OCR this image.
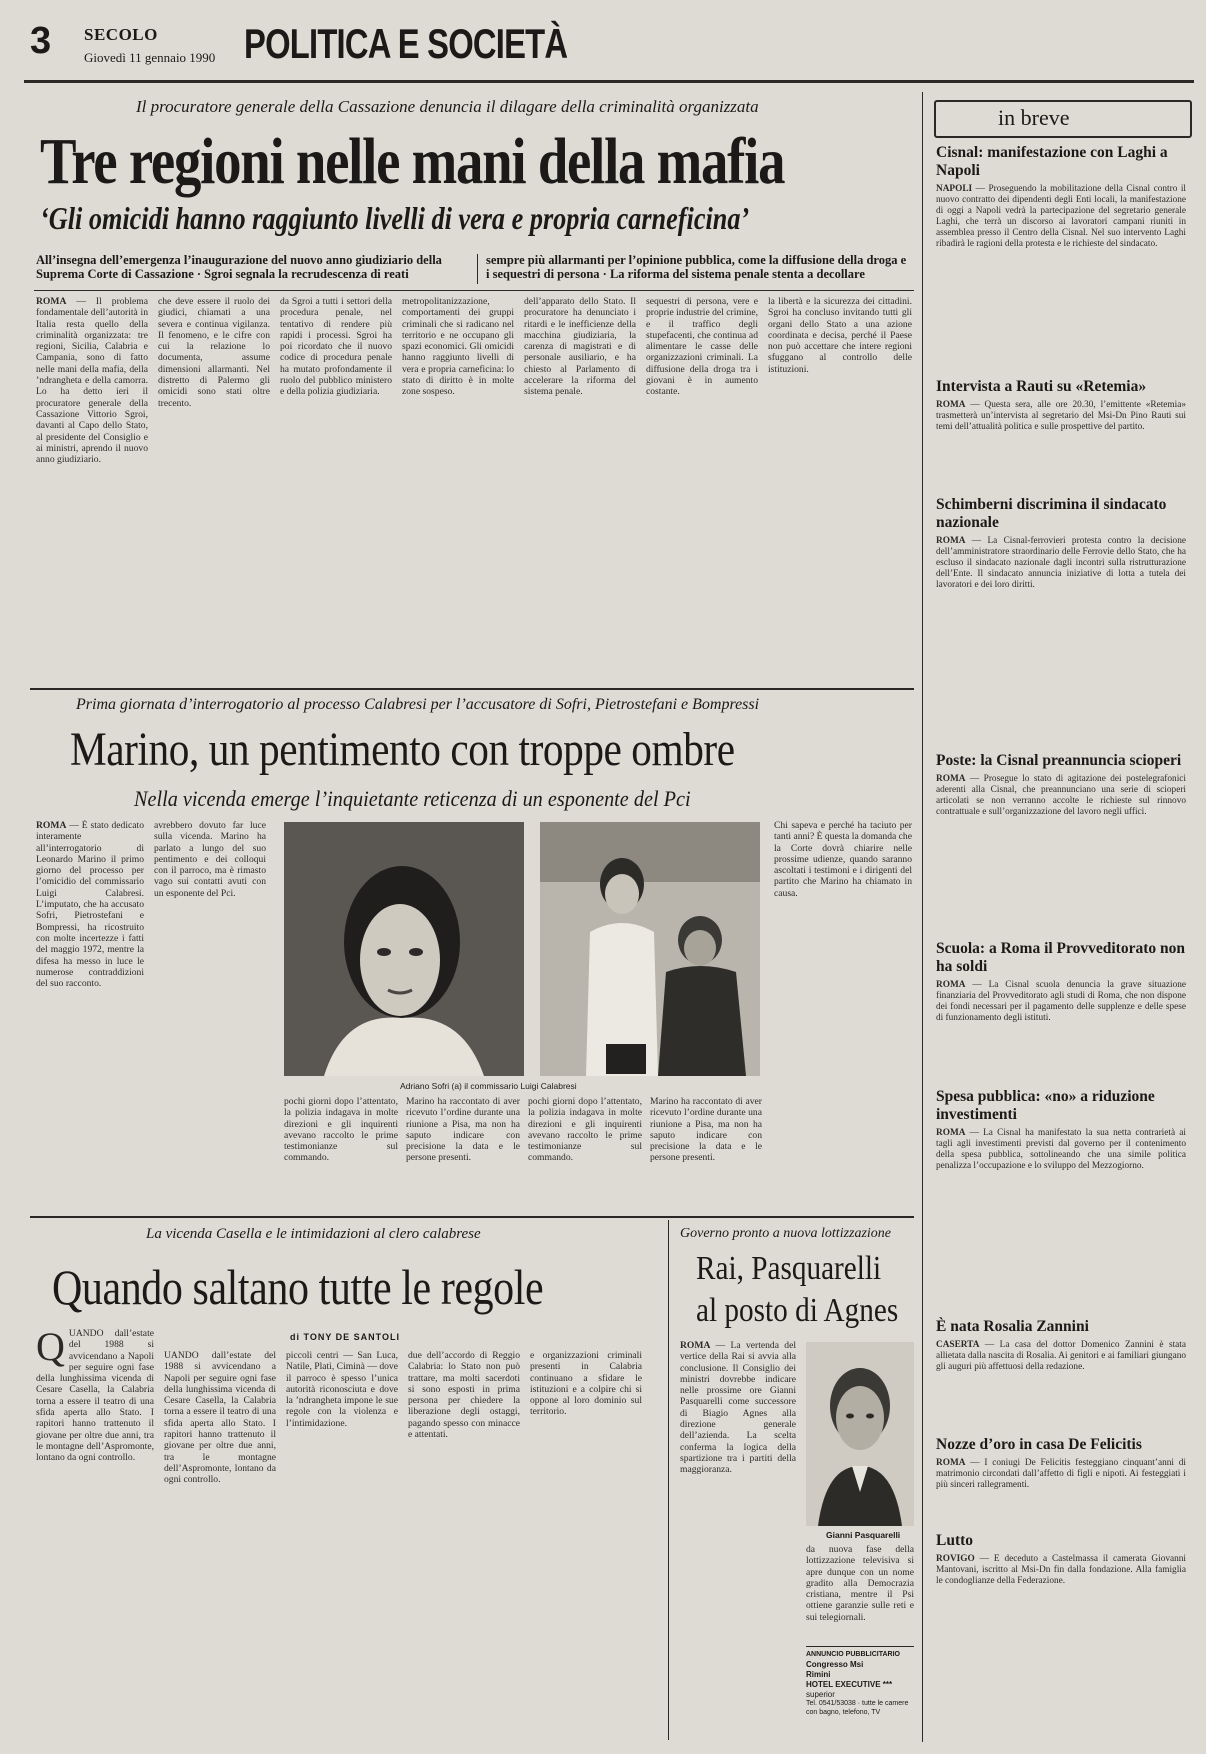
3 SECOLO
Giovedì 11 gennaio 1990 POLITICA E SOCIETÀ
Il procuratore generale della Cassazione denuncia il dilagare della criminalità organizzata
Tre regioni nelle mani della mafia
‘Gli omicidi hanno raggiunto livelli di vera e propria carneficina’
All’insegna dell’emergenza l’inaugurazione del nuovo anno giudiziario della Suprema Corte di Cassazione · Sgroi segnala la recrudescenza di reati
sempre più allarmanti per l’opinione pubblica, come la diffusione della droga e i sequestri di persona · La riforma del sistema penale stenta a decollare
ROMA — Il problema fondamentale dell’autorità in Italia resta quello della criminalità organizzata: tre regioni, Sicilia, Calabria e Campania, sono di fatto nelle mani della mafia, della ’ndrangheta e della camorra. Lo ha detto ieri il procuratore generale della Cassazione Vittorio Sgroi, davanti al Capo dello Stato, al presidente del Consiglio e ai ministri, aprendo il nuovo anno giudiziario.
che deve essere il ruolo dei giudici, chiamati a una severa e continua vigilanza. Il fenomeno, e le cifre con cui la relazione lo documenta, assume dimensioni allarmanti. Nel distretto di Palermo gli omicidi sono stati oltre trecento.
da Sgroi a tutti i settori della procedura penale, nel tentativo di rendere più rapidi i processi. Sgroi ha poi ricordato che il nuovo codice di procedura penale ha mutato profondamente il ruolo del pubblico ministero e della polizia giudiziaria.
metropolitanizzazione, comportamenti dei gruppi criminali che si radicano nel territorio e ne occupano gli spazi economici. Gli omicidi hanno raggiunto livelli di vera e propria carneficina: lo stato di diritto è in molte zone sospeso.
dell’apparato dello Stato. Il procuratore ha denunciato i ritardi e le inefficienze della macchina giudiziaria, la carenza di magistrati e di personale ausiliario, e ha chiesto al Parlamento di accelerare la riforma del sistema penale.
sequestri di persona, vere e proprie industrie del crimine, e il traffico degli stupefacenti, che continua ad alimentare le casse delle organizzazioni criminali. La diffusione della droga tra i giovani è in aumento costante.
la libertà e la sicurezza dei cittadini. Sgroi ha concluso invitando tutti gli organi dello Stato a una azione coordinata e decisa, perché il Paese non può accettare che intere regioni sfuggano al controllo delle istituzioni.
in breve
Cisnal: manifestazione con Laghi a Napoli
NAPOLI — Proseguendo la mobilitazione della Cisnal contro il nuovo contratto dei dipendenti degli Enti locali, la manifestazione di oggi a Napoli vedrà la partecipazione del segretario generale Laghi, che terrà un discorso ai lavoratori campani riuniti in assemblea presso il Centro della Cisnal. Nel suo intervento Laghi ribadirà le ragioni della protesta e le richieste del sindacato.
Intervista a Rauti su «Retemia»
ROMA — Questa sera, alle ore 20.30, l’emittente «Retemia» trasmetterà un’intervista al segretario del Msi-Dn Pino Rauti sui temi dell’attualità politica e sulle prospettive del partito.
Schimberni discrimina il sindacato nazionale
ROMA — La Cisnal-ferrovieri protesta contro la decisione dell’amministratore straordinario delle Ferrovie dello Stato, che ha escluso il sindacato nazionale dagli incontri sulla ristrutturazione dell’Ente. Il sindacato annuncia iniziative di lotta a tutela dei lavoratori e dei loro diritti.
Poste: la Cisnal preannuncia scioperi
ROMA — Prosegue lo stato di agitazione dei postelegrafonici aderenti alla Cisnal, che preannunciano una serie di scioperi articolati se non verranno accolte le richieste sul rinnovo contrattuale e sull’organizzazione del lavoro negli uffici.
Scuola: a Roma il Provveditorato non ha soldi
ROMA — La Cisnal scuola denuncia la grave situazione finanziaria del Provveditorato agli studi di Roma, che non dispone dei fondi necessari per il pagamento delle supplenze e delle spese di funzionamento degli istituti.
Spesa pubblica: «no» a riduzione investimenti
ROMA — La Cisnal ha manifestato la sua netta contrarietà ai tagli agli investimenti previsti dal governo per il contenimento della spesa pubblica, sottolineando che una simile politica penalizza l’occupazione e lo sviluppo del Mezzogiorno.
È nata Rosalia Zannini
CASERTA — La casa del dottor Domenico Zannini è stata allietata dalla nascita di Rosalia. Ai genitori e ai familiari giungano gli auguri più affettuosi della redazione.
Nozze d’oro in casa De Felicitis
ROMA — I coniugi De Felicitis festeggiano cinquant’anni di matrimonio circondati dall’affetto di figli e nipoti. Ai festeggiati i più sinceri rallegramenti.
Lutto
ROVIGO — È deceduto a Castelmassa il camerata Giovanni Mantovani, iscritto al Msi-Dn fin dalla fondazione. Alla famiglia le condoglianze della Federazione.
Prima giornata d’interrogatorio al processo Calabresi per l’accusatore di Sofri, Pietrostefani e Bompressi
Marino, un pentimento con troppe ombre
Nella vicenda emerge l’inquietante reticenza di un esponente del Pci
ROMA — È stato dedicato interamente all’interrogatorio di Leonardo Marino il primo giorno del processo per l’omicidio del commissario Luigi Calabresi. L’imputato, che ha accusato Sofri, Pietrostefani e Bompressi, ha ricostruito con molte incertezze i fatti del maggio 1972, mentre la difesa ha messo in luce le numerose contraddizioni del suo racconto.
avrebbero dovuto far luce sulla vicenda. Marino ha parlato a lungo del suo pentimento e dei colloqui con il parroco, ma è rimasto vago sui contatti avuti con un esponente del Pci.
Adriano Sofri (a) il commissario Luigi Calabresi
pochi giorni dopo l’attentato, la polizia indagava in molte direzioni e gli inquirenti avevano raccolto le prime testimonianze sul commando.
Marino ha raccontato di aver ricevuto l’ordine durante una riunione a Pisa, ma non ha saputo indicare con precisione la data e le persone presenti.
pochi giorni dopo l’attentato, la polizia indagava in molte direzioni e gli inquirenti avevano raccolto le prime testimonianze sul commando.
Marino ha raccontato di aver ricevuto l’ordine durante una riunione a Pisa, ma non ha saputo indicare con precisione la data e le persone presenti.
Chi sapeva e perché ha taciuto per tanti anni? È questa la domanda che la Corte dovrà chiarire nelle prossime udienze, quando saranno ascoltati i testimoni e i dirigenti del partito che Marino ha chiamato in causa.
La vicenda Casella e le intimidazioni al clero calabrese
Quando saltano tutte le regole
di TONY DE SANTOLI
QUANDO dall’estate del 1988 si avvicendano a Napoli per seguire ogni fase della lunghissima vicenda di Cesare Casella, la Calabria torna a essere il teatro di una sfida aperta allo Stato. I rapitori hanno trattenuto il giovane per oltre due anni, tra le montagne dell’Aspromonte, lontano da ogni controllo.
UANDO dall’estate del 1988 si avvicendano a Napoli per seguire ogni fase della lunghissima vicenda di Cesare Casella, la Calabria torna a essere il teatro di una sfida aperta allo Stato. I rapitori hanno trattenuto il giovane per oltre due anni, tra le montagne dell’Aspromonte, lontano da ogni controllo.
piccoli centri — San Luca, Natile, Platì, Ciminà — dove il parroco è spesso l’unica autorità riconosciuta e dove la ’ndrangheta impone le sue regole con la violenza e l’intimidazione.
due dell’accordo di Reggio Calabria: lo Stato non può trattare, ma molti sacerdoti si sono esposti in prima persona per chiedere la liberazione degli ostaggi, pagando spesso con minacce e attentati.
e organizzazioni criminali presenti in Calabria continuano a sfidare le istituzioni e a colpire chi si oppone al loro dominio sul territorio.
Governo pronto a nuova lottizzazione
Rai, Pasquarelli
al posto di Agnes
ROMA — La vertenda del vertice della Rai si avvia alla conclusione. Il Consiglio dei ministri dovrebbe indicare nelle prossime ore Gianni Pasquarelli come successore di Biagio Agnes alla direzione generale dell’azienda. La scelta conferma la logica della spartizione tra i partiti della maggioranza.
Gianni Pasquarelli
da nuova fase della lottizzazione televisiva si apre dunque con un nome gradito alla Democrazia cristiana, mentre il Psi ottiene garanzie sulle reti e sui telegiornali.
ANNUNCIO PUBBLICITARIO
Congresso Msi
Rimini
HOTEL EXECUTIVE ***
superior
Tel. 0541/53038 · tutte le camere con bagno, telefono, TV
